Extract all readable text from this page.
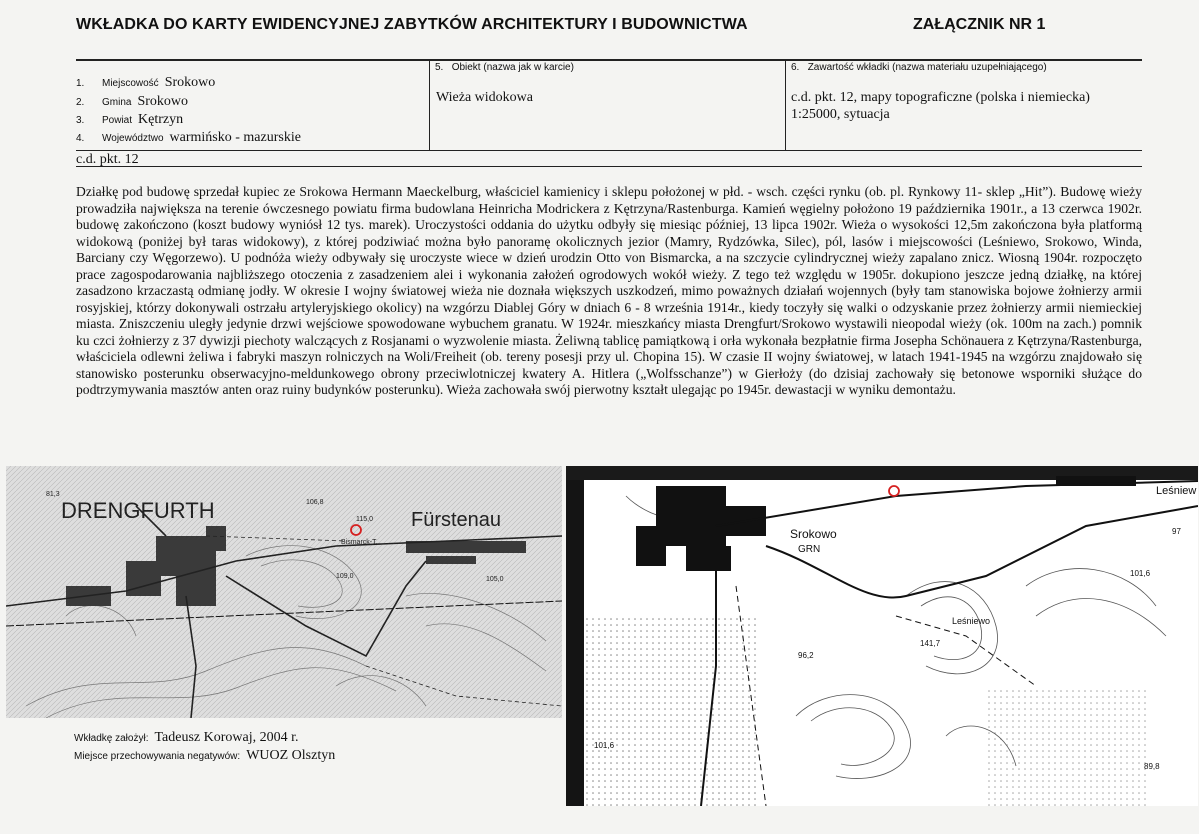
WKŁADKA DO KARTY EWIDENCYJNEJ ZABYTKÓW ARCHITEKTURY I BUDOWNICTWA	ZAŁĄCZNIK NR 1
1. Miejscowość Srokowo
2. Gmina Srokowo
3. Powiat Kętrzyn
4. Województwo warmińsko - mazurskie
5. Obiekt (nazwa jak w karcie)
Wieża widokowa
6. Zawartość wkładki (nazwa materiału uzupełniającego)
c.d. pkt. 12, mapy topograficzne (polska i niemiecka)
1:25000, sytuacja
c.d. pkt. 12
Działkę pod budowę sprzedał kupiec ze Srokowa Hermann Maeckelburg, właściciel kamienicy i sklepu położonej w płd. - wsch. części rynku (ob. pl. Rynkowy 11- sklep „Hit”). Budowę wieży prowadziła największa na terenie ówczesnego powiatu firma budowlana Heinricha Modrickera z Kętrzyna/Rastenburga. Kamień węgielny położono 19 października 1901r., a 13 czerwca 1902r. budowę zakończono (koszt budowy wyniósł 12 tys. marek). Uroczystości oddania do użytku odbyły się miesiąc później, 13 lipca 1902r. Wieża o wysokości 12,5m zakończona była platformą widokową (poniżej był taras widokowy), z której podziwiać można było panoramę okolicznych jezior (Mamry, Rydzówka, Silec), pól, lasów i miejscowości (Leśniewo, Srokowo, Winda, Barciany czy Węgorzewo). U podnóża wieży odbywały się uroczyste wiece w dzień urodzin Otto von Bismarcka, a na szczycie cylindrycznej wieży zapalano znicz. Wiosną 1904r. rozpoczęto prace zagospodarowania najbliższego otoczenia z zasadzeniem alei i wykonania założeń ogrodowych wokół wieży. Z tego też względu w 1905r. dokupiono jeszcze jedną działkę, na której zasadzono krzaczastą odmianę jodły. W okresie I wojny światowej wieża nie doznała większych uszkodzeń, mimo poważnych działań wojennych (były tam stanowiska bojowe żołnierzy armii rosyjskiej, którzy dokonywali ostrzału artyleryjskiego okolicy) na wzgórzu Diablej Góry w dniach 6 - 8 września 1914r., kiedy toczyły się walki o odzyskanie przez żołnierzy armii niemieckiej miasta. Zniszczeniu uległy jedynie drzwi wejściowe spowodowane wybuchem granatu. W 1924r. mieszkańcy miasta Drengfurt/Srokowo wystawili nieopodal wieży (ok. 100m na zach.) pomnik ku czci żołnierzy z 37 dywizji piechoty walczących z Rosjanami o wyzwolenie miasta. Żeliwną tablicę pamiątkową i orła wykonała bezpłatnie firma Josepha Schönauera z Kętrzyna/Rastenburga, właściciela odlewni żeliwa i fabryki maszyn rolniczych na Woli/Freiheit (ob. tereny posesji przy ul. Chopina 15). W czasie II wojny światowej, w latach 1941-1945 na wzgórzu znajdowało się stanowisko posterunku obserwacyjno-meldunkowego obrony przeciwlotniczej kwatery A. Hitlera („Wolfsschanze”) w Gierłoży (do dzisiaj zachowały się betonowe wsporniki służące do podtrzymywania masztów anten oraz ruiny budynków posterunku). Wieża zachowała swój pierwotny kształt ulegając po 1945r. dewastacji w wyniku demontażu.
DRENGFURTH	Fürstenau
Bismarck-T.
106,8
115,0
109,0	105,0
81,3
Srokowo
GRN
Leśniewo
Leśniew
96,2
141,7
101,6
89,8
101,6
97
Wkładkę założył: Tadeusz Korowaj, 2004 r.
Miejsce przechowywania negatywów: WUOZ Olsztyn
